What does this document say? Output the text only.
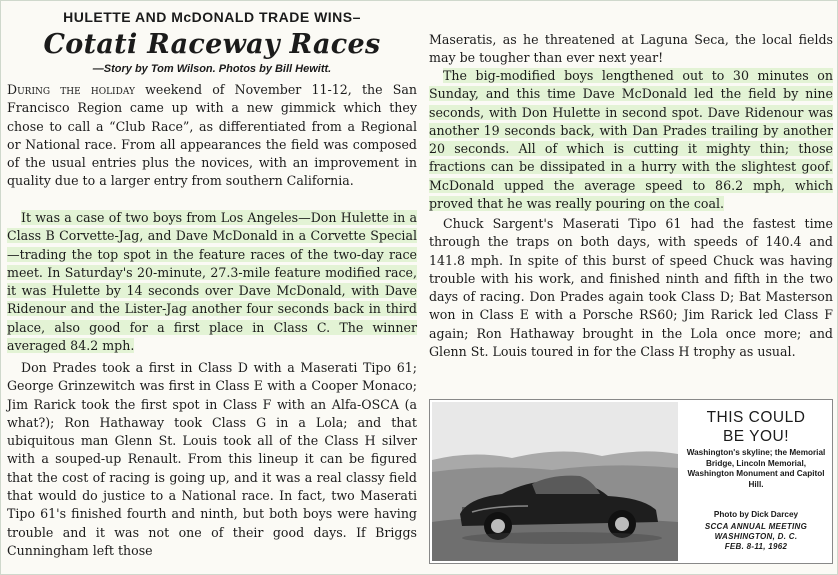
HULETTE AND McDONALD TRADE WINS–
Cotati Raceway Races
—Story by Tom Wilson. Photos by Bill Hewitt.

During the holiday weekend of November 11-12, the San Francisco Region came up with a new gimmick which they chose to call a “Club Race”, as differentiated from a Regional or National race. From all appearances the field was composed of the usual entries plus the novices, with an improvement in quality due to a larger entry from southern California.

It was a case of two boys from Los Angeles—Don Hulette in a Class B Corvette-Jag, and Dave McDonald in a Corvette Special—trading the top spot in the feature races of the two-day race meet. In Saturday's 20-minute, 27.3-mile feature modified race, it was Hulette by 14 seconds over Dave McDonald, with Dave Ridenour and the Lister-Jag another four seconds back in third place, also good for a first place in Class C. The winner averaged 84.2 mph.

Don Prades took a first in Class D with a Maserati Tipo 61; George Grinzewitch was first in Class E with a Cooper Monaco; Jim Rarick took the first spot in Class F with an Alfa-OSCA (a what?); Ron Hathaway took Class G in a Lola; and that ubiquitous man Glenn St. Louis took all of the Class H silver with a souped-up Renault. From this lineup it can be figured that the cost of racing is going up, and it was a real classy field that would do justice to a National race. In fact, two Maserati Tipo 61's finished fourth and ninth, but both boys were having trouble and it was not one of their good days. If Briggs Cunningham left those

Maseratis, as he threatened at Laguna Seca, the local fields may be tougher than ever next year!

The big-modified boys lengthened out to 30 minutes on Sunday, and this time Dave McDonald led the field by nine seconds, with Don Hulette in second spot. Dave Ridenour was another 19 seconds back, with Dan Prades trailing by another 20 seconds. All of which is cutting it mighty thin; those fractions can be dissipated in a hurry with the slightest goof. McDonald upped the average speed to 86.2 mph, which proved that he was really pouring on the coal.

Chuck Sargent's Maserati Tipo 61 had the fastest time through the traps on both days, with speeds of 140.4 and 141.8 mph. In spite of this burst of speed Chuck was having trouble with his work, and finished ninth and fifth in the two days of racing. Don Prades again took Class D; Bat Masterson won in Class E with a Porsche RS60; Jim Rarick led Class F again; Ron Hathaway brought in the Lola once more; and Glenn St. Louis toured in for the Class H trophy as usual.

THIS COULD
BE YOU!
Washington's skyline; the Memorial Bridge, Lincoln Memorial, Washington Monument and Capitol Hill.
Photo by Dick Darcey
SCCA ANNUAL MEETING
WASHINGTON, D. C.
FEB. 8-11, 1962
